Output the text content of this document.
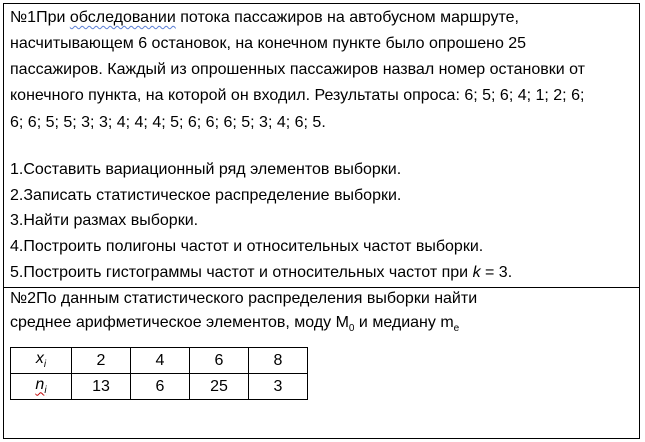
№1При обследовании потока пассажиров на автобусном маршруте,
насчитывающем 6 остановок, на конечном пункте было опрошено 25
пассажиров. Каждый из опрошенных пассажиров назвал номер остановки от
конечного пункта, на которой он входил. Результаты опроса: 6; 5; 6; 4; 1; 2; 6;
6; 6; 5; 5; 3; 3; 4; 4; 4; 5; 6; 6; 6; 5; 3; 4; 6; 5.
1.Составить вариационный ряд элементов выборки.
2.Записать статистическое распределение выборки.
3.Найти размах выборки.
4.Построить полигоны частот и относительных частот выборки.
5.Построить гистограммы частот и относительных частот при k = 3.
№2По данным статистического распределения выборки найти
среднее арифметическое элементов, моду $М_0$ и медиану $m_e$
$x_i$	2	4	6	8
$n_i$	13	6	25	3
